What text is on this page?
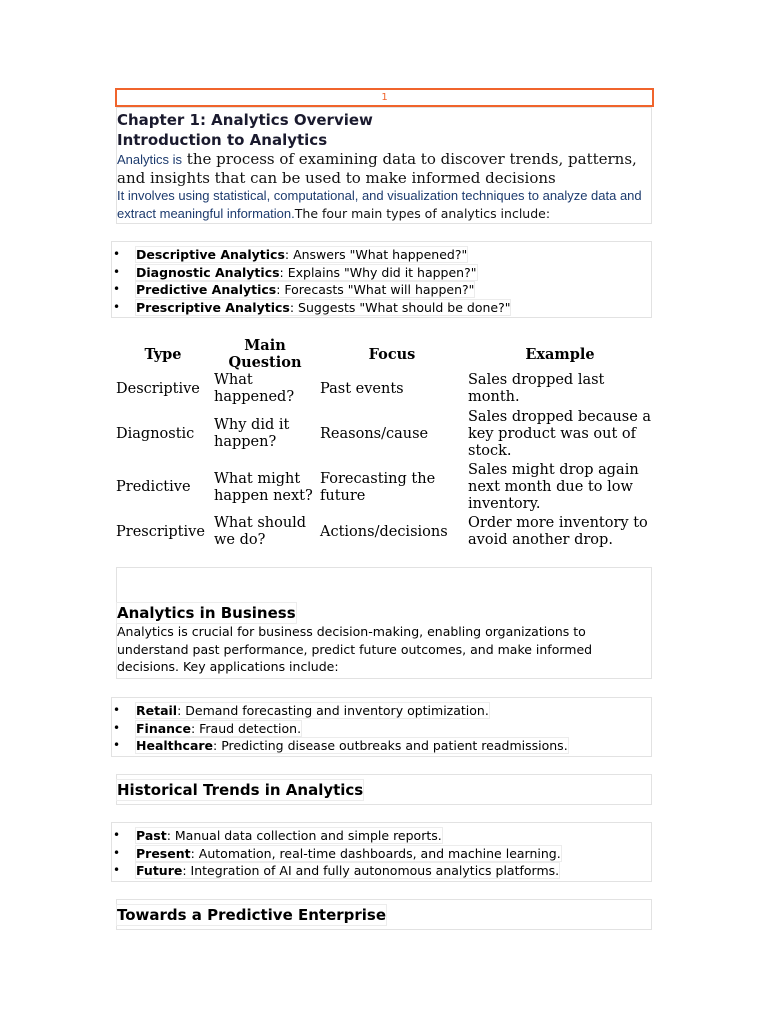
1
Chapter 1: Analytics Overview
Introduction to Analytics

Analytics is the process of examining data to discover trends, patterns, and insights that can be used to make informed decisions

It involves using statistical, computational, and visualization techniques to analyze data and extract meaningful information.The four main types of analytics include:

• Descriptive Analytics: Answers "What happened?"
• Diagnostic Analytics: Explains "Why did it happen?"
• Predictive Analytics: Forecasts "What will happen?"
• Prescriptive Analytics: Suggests "What should be done?"
Type	Main Question	Focus	Example
Descriptive	What happened?	Past events	Sales dropped last month.
Diagnostic	Why did it happen?	Reasons/cause	Sales dropped because a key product was out of stock.
Predictive	What might happen next?	Forecasting the future	Sales might drop again next month due to low inventory.
Prescriptive	What should we do?	Actions/decisions	Order more inventory to avoid another drop.
Analytics in Business

Analytics is crucial for business decision-making, enabling organizations to understand past performance, predict future outcomes, and make informed decisions. Key applications include:

• Retail: Demand forecasting and inventory optimization.
• Finance: Fraud detection.
• Healthcare: Predicting disease outbreaks and patient readmissions.
Historical Trends in Analytics
• Past: Manual data collection and simple reports.
• Present: Automation, real-time dashboards, and machine learning.
• Future: Integration of AI and fully autonomous analytics platforms.
Towards a Predictive Enterprise
